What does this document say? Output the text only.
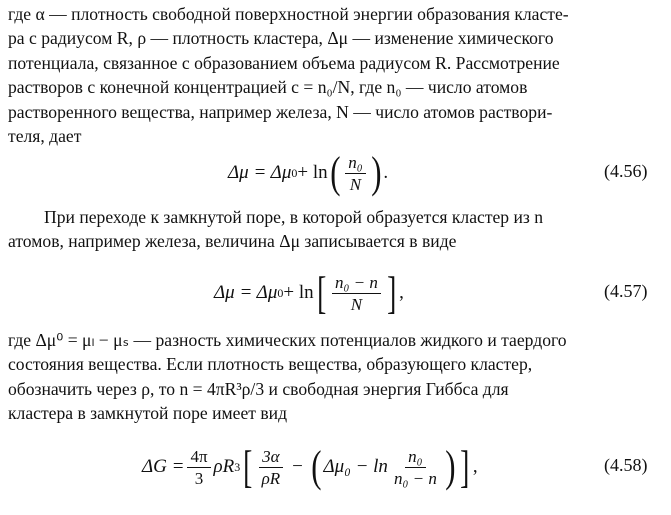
где α — плотность свободной поверхностной энергии образования класте-
ра с радиусом R, ρ — плотность кластера, Δμ — изменение химического
потенциала, связанное с образованием объема радиусом R. Рассмотрение
растворов с конечной концентрацией c = n₀/N, где n₀ — число атомов
растворенного вещества, например железа, N — число атомов раствори-
теля, дает

Δμ = Δμ 0 + ln ( $\frac{\text{n₀}}{N}$ ) .	(4.56)

При переходе к замкнутой поре, в которой образуется кластер из n
атомов, например железа, величина Δμ записывается в виде

Δμ = Δμ 0 + ln [ $\frac{\text{n₀ − n}}{N}$ ] ,	(4.57)

где Δμ⁰ = μₗ − μₛ — разность химических потенциалов жидкого и таердого
состояния вещества. Если плотность вещества, образующего кластер,
обозначить через ρ, то n = 4πR³ρ/3 и свободная энергия Гиббса для
кластера в замкнутой поре имеет вид

$\Delta G = \frac{4\pi}{3}$ ρR 3 [ $\frac{3\alpha}{\rho R}$ − ( $\Delta\mu_0 - \ln \frac{\text{n₀}}{\text{n₀ − n}}$ ) ] ,	(4.58)
